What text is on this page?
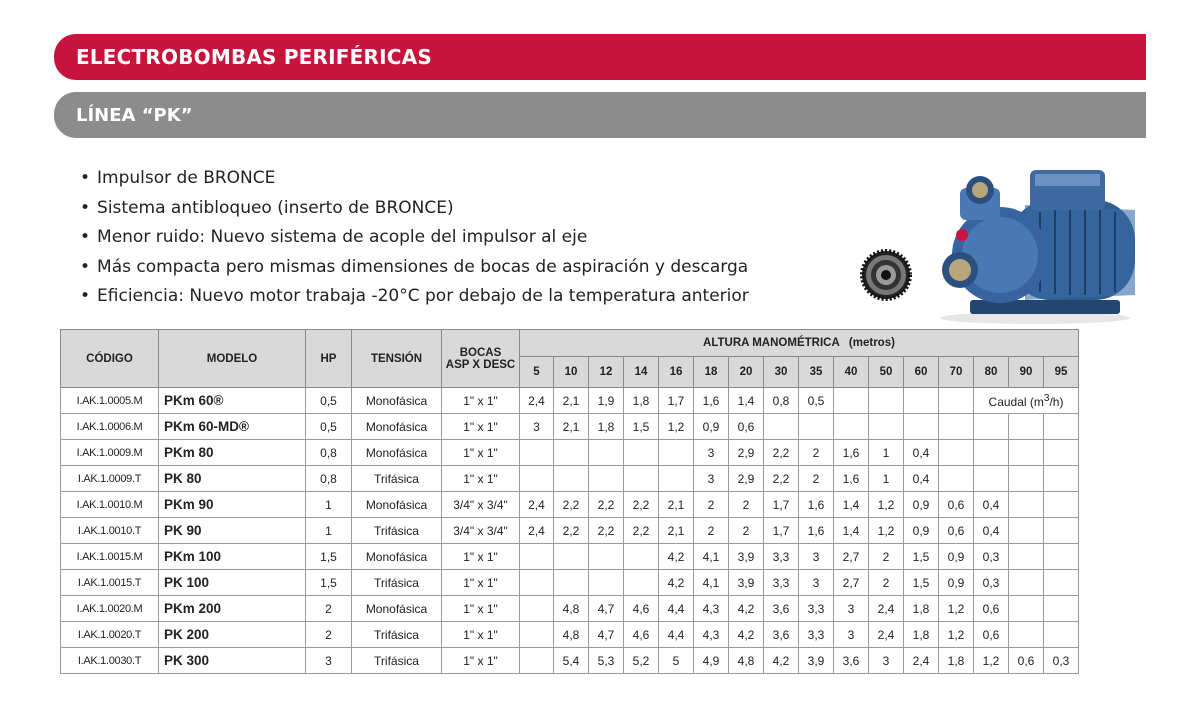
ELECTROBOMBAS PERIFÉRICAS
LÍNEA “PK”
• Impulsor de BRONCE
• Sistema antibloqueo (inserto de BRONCE)
• Menor ruido: Nuevo sistema de acople del impulsor al eje
• Más compacta pero mismas dimensiones de bocas de aspiración y descarga
• Eficiencia: Nuevo motor trabaja -20°C por debajo de la temperatura anterior
CÓDIGO	MODELO	HP	TENSIÓN	BOCAS
ASP X DESC	ALTURA MANOMÉTRICA (metros)															
					5	10	12	14	16	18	20	30	35	40	50	60	70	80	90	95
I.AK.1.0005.M	PKm 60®	0,5	Monofásica	1" x 1"	2,4	2,1	1,9	1,8	1,7	1,6	1,4	0,8	0,5					Caudal $(m^3/h)$		
I.AK.1.0006.M	PKm 60-MD®	0,5	Monofásica	1" x 1"	3	2,1	1,8	1,5	1,2	0,9	0,6									
I.AK.1.0009.M	PKm 80	0,8	Monofásica	1" x 1"						3	2,9	2,2	2	1,6	1	0,4				
I.AK.1.0009.T	PK 80	0,8	Trifásica	1" x 1"						3	2,9	2,2	2	1,6	1	0,4				
I.AK.1.0010.M	PKm 90	1	Monofásica	3/4" x 3/4"	2,4	2,2	2,2	2,2	2,1	2	2	1,7	1,6	1,4	1,2	0,9	0,6	0,4		
I.AK.1.0010.T	PK 90	1	Trifásica	3/4" x 3/4"	2,4	2,2	2,2	2,2	2,1	2	2	1,7	1,6	1,4	1,2	0,9	0,6	0,4		
I.AK.1.0015.M	PKm 100	1,5	Monofásica	1" x 1"					4,2	4,1	3,9	3,3	3	2,7	2	1,5	0,9	0,3		
I.AK.1.0015.T	PK 100	1,5	Trifásica	1" x 1"					4,2	4,1	3,9	3,3	3	2,7	2	1,5	0,9	0,3		
I.AK.1.0020.M	PKm 200	2	Monofásica	1" x 1"		4,8	4,7	4,6	4,4	4,3	4,2	3,6	3,3	3	2,4	1,8	1,2	0,6		
I.AK.1.0020.T	PK 200	2	Trifásica	1" x 1"		4,8	4,7	4,6	4,4	4,3	4,2	3,6	3,3	3	2,4	1,8	1,2	0,6		
I.AK.1.0030.T	PK 300	3	Trifásica	1" x 1"		5,4	5,3	5,2	5	4,9	4,8	4,2	3,9	3,6	3	2,4	1,8	1,2	0,6	0,3
